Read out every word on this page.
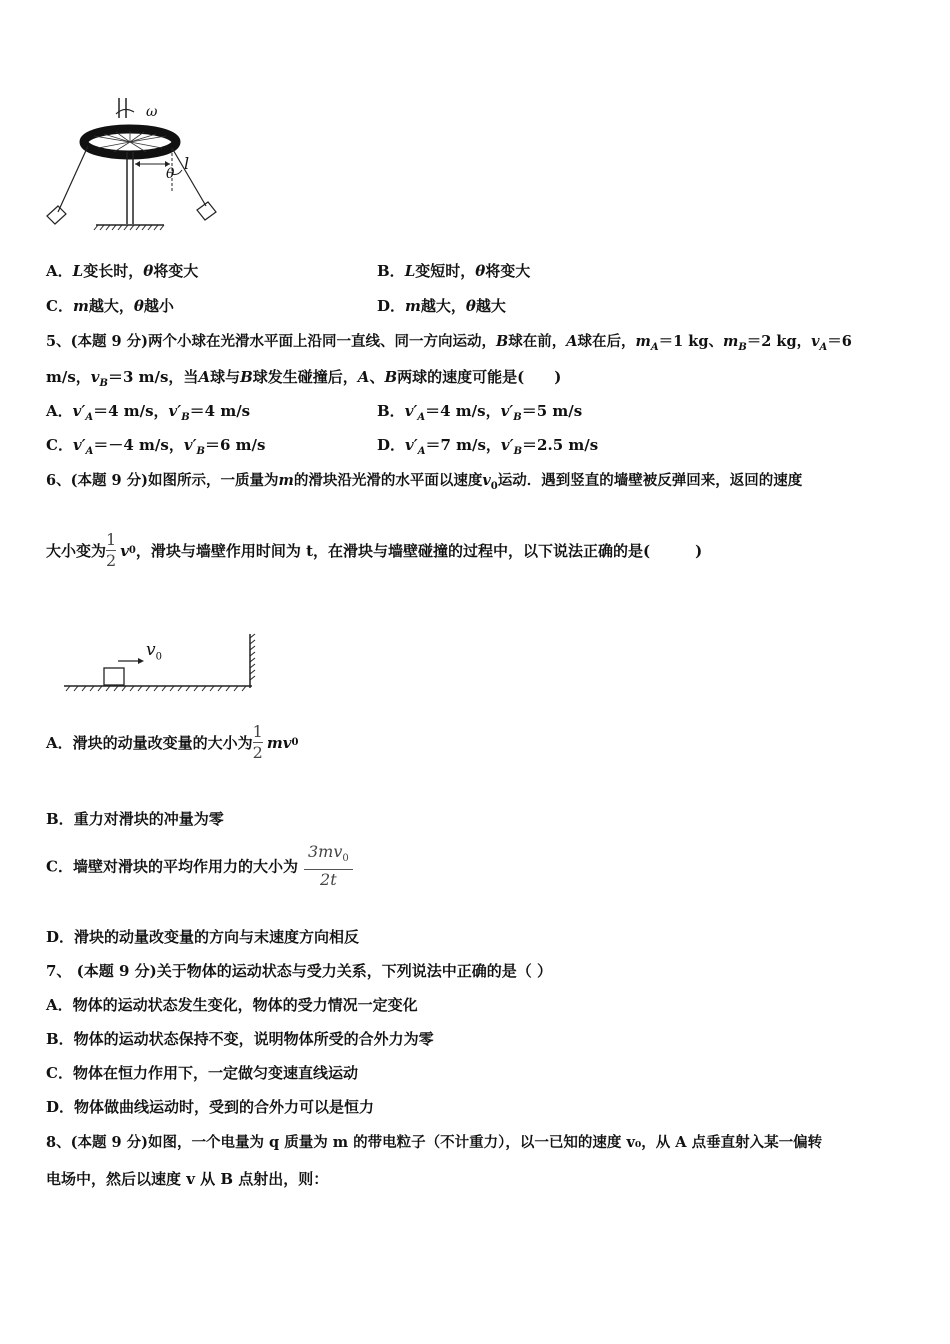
ω
l
θ
A．L变长时，θ将变大	B．L变短时，θ将变大
C．m越大，θ越小	D．m越大，θ越大
5、(本题 9 分)两个小球在光滑水平面上沿同一直线、同一方向运动，B球在前，A球在后，$m_A=1$ kg、$m_B=2$ kg，$v_A=6$
m/s，$v_B=3$ m/s，当A球与B球发生碰撞后，A、B两球的速度可能是(　　)
A．$v'_A=4$ m/s，$v'_B=4$ m/s	B．$v'_A=4$ m/s，$v'_B=5$ m/s
C．$v'_A=-4$ m/s，$v'_B=6$ m/s	D．$v'_A=7$ m/s，$v'_B=2.5$ m/s
6、(本题 9 分)如图所示，一质量为m的滑块沿光滑的水平面以速度$v_0$运动．遇到竖直的墙壁被反弹回来，返回的速度
大小变为 $\frac{1}{2} v0$，滑块与墙壁作用时间为 t，在滑块与墙壁碰撞的过程中，以下说法正确的是(　　　)
$v_0$
A．滑块的动量改变量的大小为 $\frac{1}{2} mv0$
B．重力对滑块的冲量为零
C．墙壁对滑块的平均作用力的大小为 $\frac{3mv_0}{2t}$
D．滑块的动量改变量的方向与末速度方向相反
7、 (本题 9 分)关于物体的运动状态与受力关系，下列说法中正确的是（ ）
A．物体的运动状态发生变化，物体的受力情况一定变化
B．物体的运动状态保持不变，说明物体所受的合外力为零
C．物体在恒力作用下，一定做匀变速直线运动
D．物体做曲线运动时，受到的合外力可以是恒力
8、(本题 9 分)如图，一个电量为 q 质量为 m 的带电粒子（不计重力），以一已知的速度 v₀，从 A 点垂直射入某一偏转
电场中，然后以速度 v 从 B 点射出，则：
